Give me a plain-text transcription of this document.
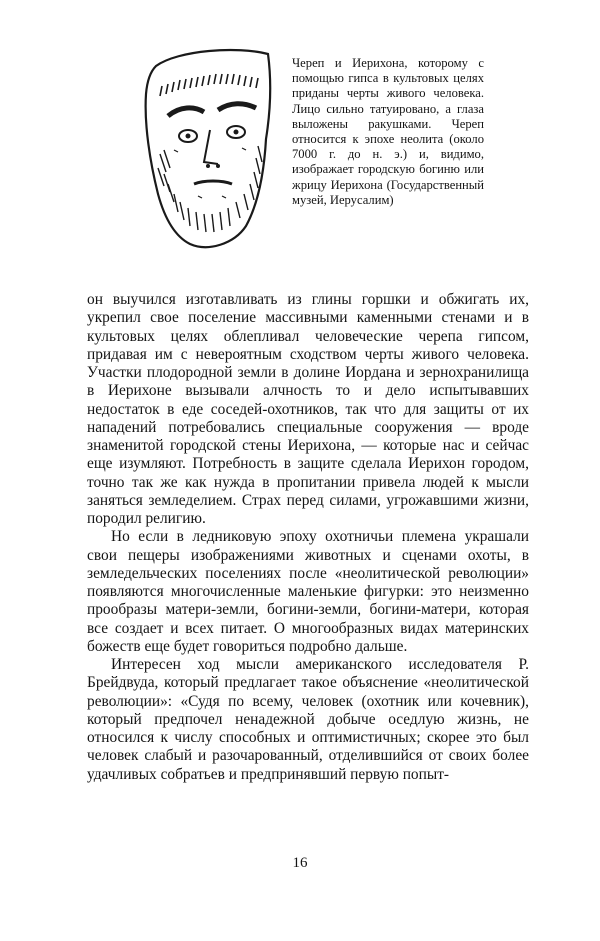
Череп и Иерихона, которому с помощью гипса в культовых целях приданы черты живого человека. Лицо сильно татуировано, а глаза выложены ракушками. Череп относится к эпохе неолита (около 7000 г. до н. э.) и, видимо, изображает городскую богиню или жрицу Иерихона (Государственный музей, Иерусалим)

он выучился изготавливать из глины горшки и обжигать их, укрепил свое поселение массивными каменными стенами и в культовых целях облепливал человеческие черепа гипсом, придавая им с невероятным сходством черты живого человека. Участки плодородной земли в долине Иордана и зернохранилища в Иерихоне вызывали алчность то и дело испытывавших недостаток в еде соседей-охотников, так что для защиты от их нападений потребовались специальные сооружения — вроде знаменитой городской стены Иерихона, — которые нас и сейчас еще изумляют. Потребность в защите сделала Иерихон городом, точно так же как нужда в пропитании привела людей к мысли заняться земледелием. Страх перед силами, угрожавшими жизни, породил религию.

Но если в ледниковую эпоху охотничьи племена украшали свои пещеры изображениями животных и сценами охоты, в земледельческих поселениях после «неолитической революции» появляются многочисленные маленькие фигурки: это неизменно прообразы матери-земли, богини-земли, богини-матери, которая все создает и всех питает. О многообразных видах материнских божеств еще будет говориться подробно дальше.

Интересен ход мысли американского исследователя Р. Брейдвуда, который предлагает такое объяснение «неолитической революции»: «Судя по всему, человек (охотник или кочевник), который предпочел ненадежной добыче оседлую жизнь, не относился к числу способных и оптимистичных; скорее это был человек слабый и разочарованный, отделившийся от своих более удачливых собратьев и предпринявший первую попыт-

16
